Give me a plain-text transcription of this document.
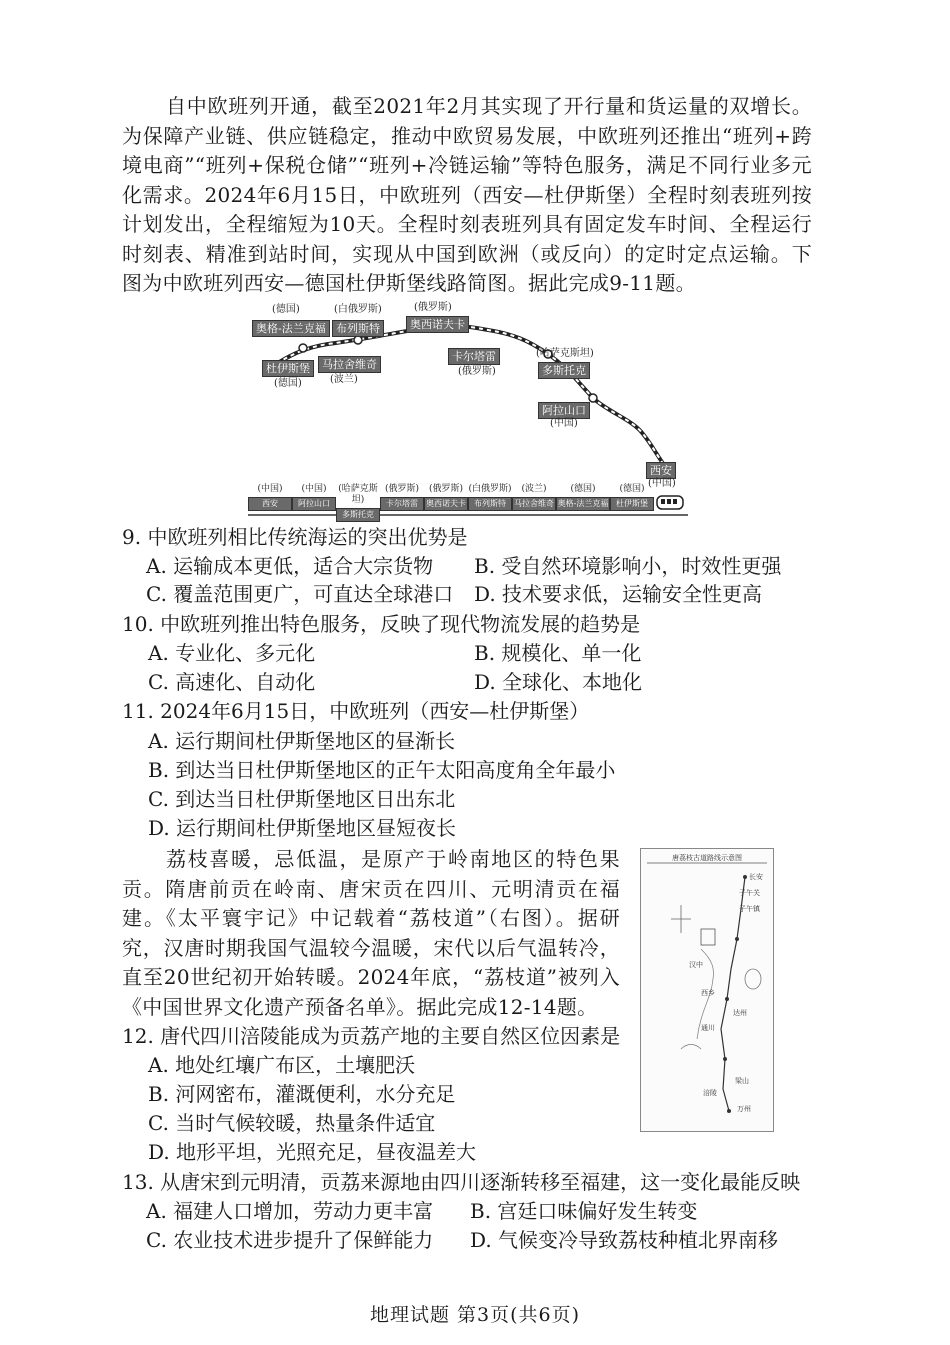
自中欧班列开通，截至2021年2月其实现了开行量和货运量的双增长。为保障产业链、供应链稳定，推动中欧贸易发展，中欧班列还推出“班列+跨境电商”“班列+保税仓储”“班列+冷链运输”等特色服务，满足不同行业多元化需求。2024年6月15日，中欧班列（西安—杜伊斯堡）全程时刻表班列按计划发出，全程缩短为10天。全程时刻表班列具有固定发车时间、全程运行时刻表、精准到站时间，实现从中国到欧洲（或反向）的定时定点运输。下图为中欧班列西安—德国杜伊斯堡线路简图。据此完成9-11题。
(德国)
奥格-法兰克福
(白俄罗斯)
布列斯特
(俄罗斯)
奥西诺夫卡
杜伊斯堡
(德国)
马拉舍维奇
(波兰)
卡尔塔雷
(俄罗斯)
(哈萨克斯坦)
多斯托克
阿拉山口
(中国)
西安
(中国)
(中国)
西安
(中国)
阿拉山口
(哈萨克斯坦)
多斯托克
(俄罗斯)
卡尔塔雷
(俄罗斯)
奥西诺夫卡
(白俄罗斯)
布列斯特
(波兰)
马拉舍维奇
(德国)
奥格-法兰克福
(德国)
杜伊斯堡
9. 中欧班列相比传统海运的突出优势是
A. 运输成本更低，适合大宗货物 B. 受自然环境影响小，时效性更强
C. 覆盖范围更广，可直达全球港口 D. 技术要求低，运输安全性更高
10. 中欧班列推出特色服务，反映了现代物流发展的趋势是
A. 专业化、多元化	B. 规模化、单一化
C. 高速化、自动化	D. 全球化、本地化
11. 2024年6月15日，中欧班列（西安—杜伊斯堡）
A. 运行期间杜伊斯堡地区的昼渐长
B. 到达当日杜伊斯堡地区的正午太阳高度角全年最小
C. 到达当日杜伊斯堡地区日出东北
D. 运行期间杜伊斯堡地区昼短夜长
荔枝喜暖，忌低温，是原产于岭南地区的特色果贡。隋唐前贡在岭南、唐宋贡在四川、元明清贡在福建。《太平寰宇记》中记载着“荔枝道”（右图）。据研究，汉唐时期我国气温较今温暖，宋代以后气温转冷，直至20世纪初开始转暖。2024年底，“荔枝道”被列入《中国世界文化遗产预备名单》。据此完成12-14题。
唐荔枝古道路线示意图
长安
子午关
子午镇
西乡
汉中
达州
通川
梁山
涪陵
万州
12. 唐代四川涪陵能成为贡荔产地的主要自然区位因素是
A. 地处红壤广布区，土壤肥沃
B. 河网密布，灌溉便利，水分充足
C. 当时气候较暖，热量条件适宜
D. 地形平坦，光照充足，昼夜温差大
13. 从唐宋到元明清，贡荔来源地由四川逐渐转移至福建，这一变化最能反映
A. 福建人口增加，劳动力更丰富 B. 宫廷口味偏好发生转变
C. 农业技术进步提升了保鲜能力 D. 气候变冷导致荔枝种植北界南移
地理试题 第3页(共6页)
